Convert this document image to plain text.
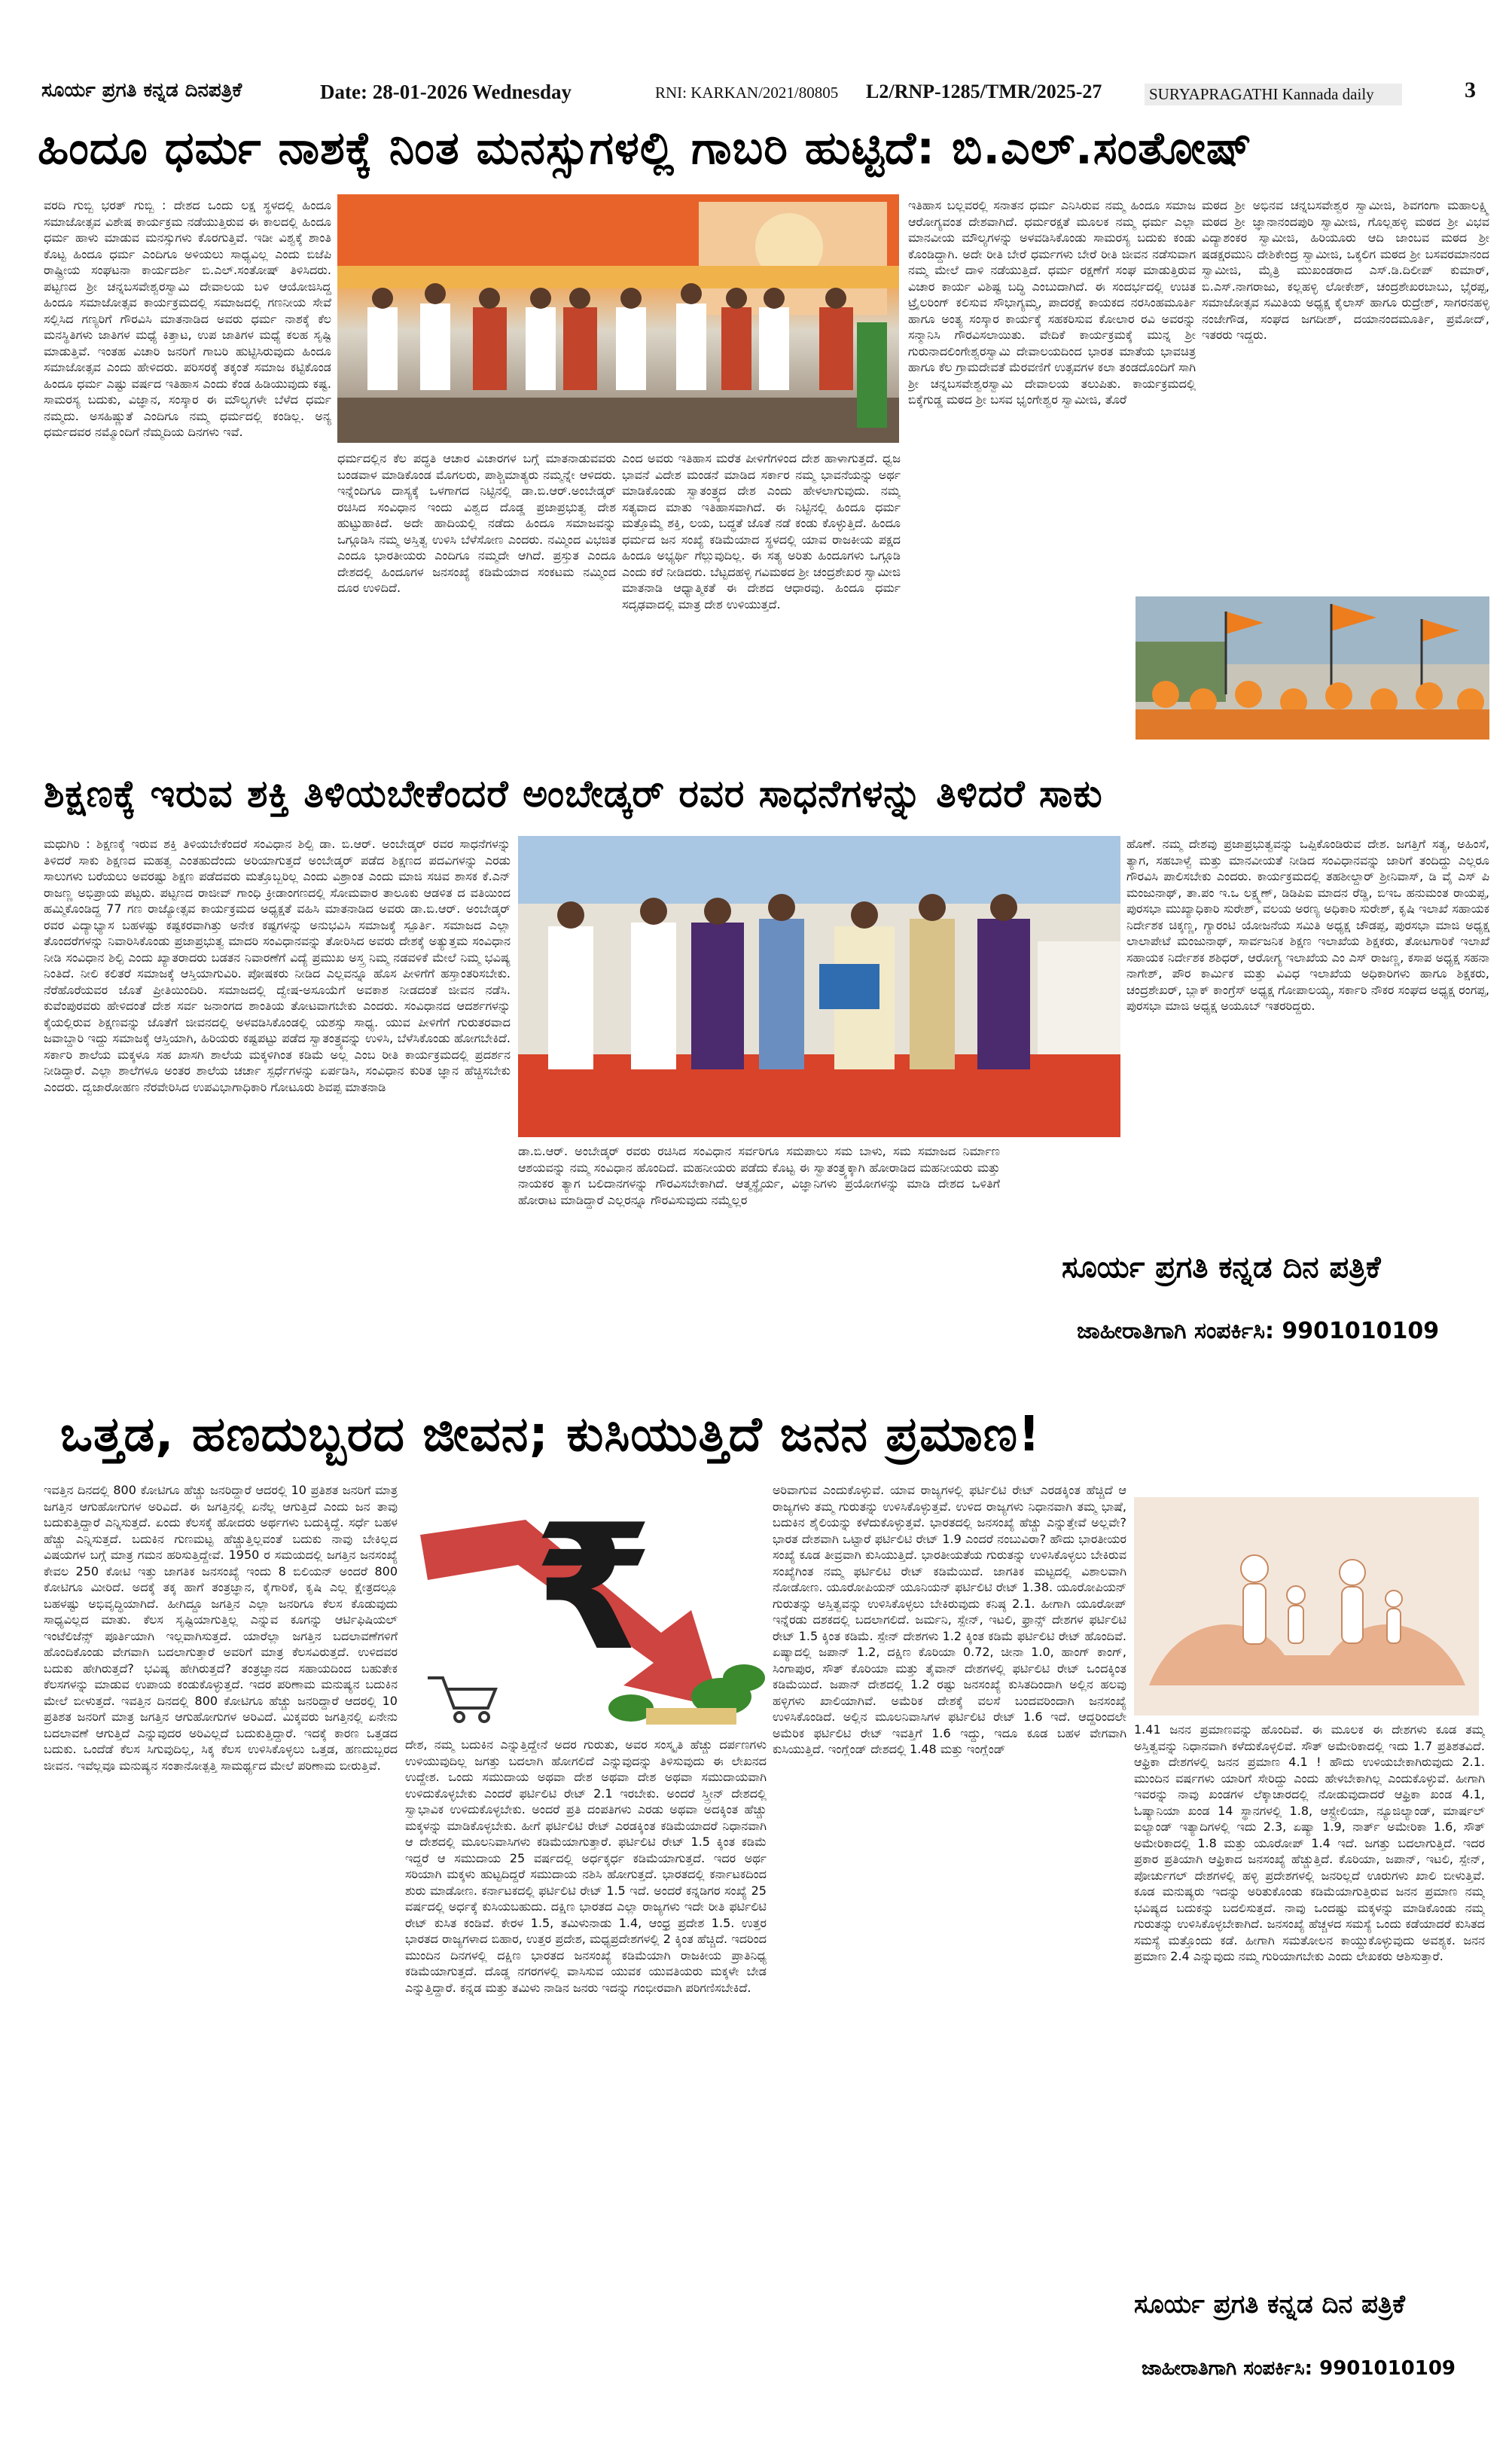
ಸೂರ್ಯ ಪ್ರಗತಿ ಕನ್ನಡ ದಿನಪತ್ರಿಕೆ	Date: 28-01-2026 Wednesday	RNI: KARKAN/2021/80805 L2/RNP-1285/TMR/2025-27	SURYAPRAGATHI Kannada daily	3
ಹಿಂದೂ ಧರ್ಮ ನಾಶಕ್ಕೆ ನಿಂತ ಮನಸ್ಸುಗಳಲ್ಲಿ ಗಾಬರಿ ಹುಟ್ಟಿದೆ: ಬಿ.ಎಲ್.ಸಂತೋಷ್
ವರದಿ ಗುಬ್ಬಿ ಭರತ್ ಗುಬ್ಬಿ : ದೇಶದ ಒಂದು ಲಕ್ಷ ಸ್ಥಳದಲ್ಲಿ ಹಿಂದೂ ಸಮಾಜೋತ್ಸವ ವಿಶೇಷ ಕಾರ್ಯಕ್ರಮ ನಡೆಯುತ್ತಿರುವ ಈ ಕಾಲದಲ್ಲಿ ಹಿಂದೂ ಧರ್ಮ ಹಾಳು ಮಾಡುವ ಮನಸ್ಸುಗಳು ಕೊರಗುತ್ತಿವೆ. ಇಡೀ ವಿಶ್ವಕ್ಕೆ ಶಾಂತಿ ಕೊಟ್ಟ ಹಿಂದೂ ಧರ್ಮ ಎಂದಿಗೂ ಅಳಿಯಲು ಸಾಧ್ಯವಿಲ್ಲ ಎಂದು ಬಿಜೆಪಿ ರಾಷ್ಟ್ರೀಯ ಸಂಘಟನಾ ಕಾರ್ಯದರ್ಶಿ ಬಿ.ಎಲ್.ಸಂತೋಷ್ ತಿಳಿಸಿದರು. ಪಟ್ಟಣದ ಶ್ರೀ ಚನ್ನಬಸವೇಶ್ವರಸ್ವಾಮಿ ದೇವಾಲಯ ಬಳಿ ಆಯೋಜಿಸಿದ್ದ ಹಿಂದೂ ಸಮಾಜೋತ್ಸವ ಕಾರ್ಯಕ್ರಮದಲ್ಲಿ ಸಮಾಜದಲ್ಲಿ ಗಣನೀಯ ಸೇವೆ ಸಲ್ಲಿಸಿದ ಗಣ್ಯರಿಗೆ ಗೌರವಿಸಿ ಮಾತನಾಡಿದ ಅವರು ಧರ್ಮ ನಾಶಕ್ಕೆ ಕೆಲ ಮನಸ್ಥಿತಿಗಳು ಜಾತಿಗಳ ಮಧ್ಯೆ ಕಿತ್ತಾಟ, ಉಪ ಜಾತಿಗಳ ಮಧ್ಯೆ ಕಲಹ ಸೃಷ್ಟಿ ಮಾಡುತ್ತಿವೆ. ಇಂತಹ ವಿಚಾರಿ ಜನರಿಗೆ ಗಾಬರಿ ಹುಟ್ಟಿಸಿರುವುದು ಹಿಂದೂ ಸಮಾಜೋತ್ಸವ ಎಂದು ಹೇಳಿದರು. ಪರಿಸರಕ್ಕೆ ತಕ್ಕಂತೆ ಸಮಾಜ ಕಟ್ಟಿಕೊಂಡ ಹಿಂದೂ ಧರ್ಮ ಎಷ್ಟು ವರ್ಷದ ಇತಿಹಾಸ ಎಂದು ಕೆಂಡ ಹಿಡಿಯುವುದು ಕಷ್ಟ. ಸಾಮರಸ್ಯ ಬದುಕು, ವಿಜ್ಞಾನ, ಸಂಸ್ಕಾರ ಈ ಮೌಲ್ಯಗಳೇ ಬೆಳೆದ ಧರ್ಮ ನಮ್ಮದು. ಅಸಹಿಷ್ಣುತೆ ಎಂದಿಗೂ ನಮ್ಮ ಧರ್ಮದಲ್ಲಿ ಕಂಡಿಲ್ಲ. ಅನ್ಯ ಧರ್ಮದವರ ನಮ್ಮೊಂದಿಗೆ ನೆಮ್ಮದಿಯ ದಿನಗಳು ಇವೆ.
ಧರ್ಮದಲ್ಲಿನ ಕೆಲ ಪದ್ಧತಿ ಆಚಾರ ವಿಚಾರಗಳ ಬಗ್ಗೆ ಮಾತನಾಡುವವರು ಬಂಡವಾಳ ಮಾಡಿಕೊಂಡ ಮೊಗಲರು, ಪಾಶ್ಚಿಮಾತ್ಯರು ನಮ್ಮನ್ನೇ ಆಳಿದರು. ಇನ್ನೆಂದಿಗೂ ದಾಸ್ಯಕ್ಕೆ ಒಳಗಾಗದ ನಿಟ್ಟಿನಲ್ಲಿ ಡಾ.ಬಿ.ಆರ್.ಅಂಬೇಡ್ಕರ್ ರಚಿಸಿದ ಸಂವಿಧಾನ ಇಂದು ವಿಶ್ವದ ದೊಡ್ಡ ಪ್ರಜಾಪ್ರಭುತ್ವ ದೇಶ ಹುಟ್ಟುಹಾಕಿದೆ. ಅದೇ ಹಾದಿಯಲ್ಲಿ ನಡೆದು ಹಿಂದೂ ಸಮಾಜವನ್ನು ಒಗ್ಗೂಡಿಸಿ ನಮ್ಮ ಅಸ್ತಿತ್ವ ಉಳಿಸಿ ಬೆಳೆಸೋಣ ಎಂದರು. ನಮ್ಮಿಂದ ವಿಭಜಿತ ಎಂದೂ ಭಾರತೀಯರು ಎಂದಿಗೂ ನಮ್ಮದೇ ಆಗಿದೆ. ಪ್ರಸ್ತುತ ಎಂದೂ ದೇಶದಲ್ಲಿ ಹಿಂದೂಗಳ ಜನಸಂಖ್ಯೆ ಕಡಿಮೆಯಾದ ಸಂಕಟಮ ನಮ್ಮಿಂದ ದೂರ ಉಳಿದಿದೆ.
ಎಂದ ಅವರು ಇತಿಹಾಸ ಮರೆತ ಪೀಳಿಗೆಗಳಿಂದ ದೇಶ ಹಾಳಾಗುತ್ತದೆ. ಧ್ವಜ ಭಾವನೆ ವಿದೇಶ ಮಂಡನೆ ಮಾಡಿದ ಸರ್ಕಾರ ನಮ್ಮ ಭಾವನೆಯನ್ನು ಅರ್ಥ ಮಾಡಿಕೊಂಡು ಸ್ವಾತಂತ್ರ್ಯದ ದೇಶ ಎಂದು ಹೇಳಲಾಗುವುದು. ನಮ್ಮ ಸತ್ಯವಾದ ಮಾತು ಇತಿಹಾಸವಾಗಿದೆ. ಈ ನಿಟ್ಟಿನಲ್ಲಿ ಹಿಂದೂ ಧರ್ಮ ಮತ್ತೊಮ್ಮೆ ಶಕ್ತಿ, ಲಯ, ಬದ್ಧತೆ ಜೊತೆ ನಡೆ ಕಂಡು ಕೊಳ್ಳುತ್ತಿದೆ. ಹಿಂದೂ ಧರ್ಮದ ಜನ ಸಂಖ್ಯೆ ಕಡಿಮೆಯಾದ ಸ್ಥಳದಲ್ಲಿ ಯಾವ ರಾಜಕೀಯ ಪಕ್ಷದ ಹಿಂದೂ ಅಭ್ಯರ್ಥಿ ಗೆಲ್ಲುವುದಿಲ್ಲ. ಈ ಸತ್ಯ ಅರಿತು ಹಿಂದೂಗಳು ಒಗ್ಗೂಡಿ ಎಂದು ಕರೆ ನೀಡಿದರು. ಬೆಟ್ಟದಹಳ್ಳಿ ಗವಿಮಠದ ಶ್ರೀ ಚಂದ್ರಶೇಖರ ಸ್ವಾಮೀಜಿ ಮಾತನಾಡಿ ಆಧ್ಯಾತ್ಮಿಕತೆ ಈ ದೇಶದ ಆಧಾರವು. ಹಿಂದೂ ಧರ್ಮ ಸದೃಢವಾದಲ್ಲಿ ಮಾತ್ರ ದೇಶ ಉಳಿಯುತ್ತದೆ.
ಇತಿಹಾಸ ಬಲ್ಲವರಲ್ಲಿ ಸನಾತನ ಧರ್ಮ ಎನಿಸಿರುವ ನಮ್ಮ ಹಿಂದೂ ಸಮಾಜ ಆರೋಗ್ಯವಂತ ದೇಶವಾಗಿದೆ. ಧರ್ಮರಕ್ಷತೆ ಮೂಲಕ ನಮ್ಮ ಧರ್ಮ ಎಲ್ಲಾ ಮಾನವೀಯ ಮೌಲ್ಯಗಳನ್ನು ಅಳವಡಿಸಿಕೊಂಡು ಸಾಮರಸ್ಯ ಬದುಕು ಕಂಡು ಕೊಂಡಿದ್ದಾಗಿ. ಅದೇ ರೀತಿ ಬೇರೆ ಧರ್ಮಗಳು ಬೇರೆ ರೀತಿ ಜೀವನ ನಡೆಸುವಾಗ ನಮ್ಮ ಮೇಲೆ ದಾಳಿ ನಡೆಯುತ್ತಿದೆ. ಧರ್ಮ ರಕ್ಷಣೆಗೆ ಸಂಘ ಮಾಡುತ್ತಿರುವ ವಿಚಾರ ಕಾರ್ಯ ವಿಶಿಷ್ಟ ಬದ್ಧಿ ಎಂಬುದಾಗಿದೆ. ಈ ಸಂದರ್ಭದಲ್ಲಿ ಉಚಿತ ಟ್ರೈಲರಿಂಗ್ ಕಲಿಸುವ ಸೌಭಾಗ್ಯಮ್ಮ, ಪಾದರಕ್ಷೆ ಕಾಯಕದ ನರಸಿಂಹಮೂರ್ತಿ ಹಾಗೂ ಅಂತ್ಯ ಸಂಸ್ಕಾರ ಕಾರ್ಯಕ್ಕೆ ಸಹಕರಿಸುವ ಕೋಲಾರ ರವಿ ಅವರನ್ನು ಸನ್ಮಾನಿಸಿ ಗೌರವಿಸಲಾಯಿತು. ವೇದಿಕೆ ಕಾರ್ಯಕ್ರಮಕ್ಕೆ ಮುನ್ನ ಶ್ರೀ ಗುರುನಾದಲಿಂಗೇಶ್ವರಸ್ವಾಮಿ ದೇವಾಲಯದಿಂದ ಭಾರತ ಮಾತೆಯ ಭಾವಚಿತ್ರ ಹಾಗೂ ಕೆಲ ಗ್ರಾಮದೇವತೆ ಮೆರವಣಿಗೆ ಉತ್ಸವಗಳ ಕಲಾ ತಂಡದೊಂದಿಗೆ ಸಾಗಿ ಶ್ರೀ ಚನ್ನಬಸವೇಶ್ವರಸ್ವಾಮಿ ದೇವಾಲಯ ತಲುಪಿತು. ಕಾರ್ಯಕ್ರಮದಲ್ಲಿ ಬಿಕ್ಕೆಗುಡ್ಡ ಮಠದ ಶ್ರೀ ಬಸವ ಭೃಂಗೇಶ್ವರ ಸ್ವಾಮೀಜಿ, ತೊರೆ
ಮಠದ ಶ್ರೀ ಅಭಿನವ ಚನ್ನಬಸವೇಶ್ವರ ಸ್ವಾಮೀಜಿ, ಶಿವಗಂಗಾ ಮಹಾಲಕ್ಷ್ಮಿ ಮಠದ ಶ್ರೀ ಜ್ಞಾನಾನಂದಪುರಿ ಸ್ವಾಮೀಜಿ, ಗೊಲ್ಲಹಳ್ಳಿ ಮಠದ ಶ್ರೀ ವಿಭವ ವಿದ್ಯಾಶಂಕರ ಸ್ವಾಮೀಜಿ, ಹಿರಿಯೂರು ಆದಿ ಜಾಂಬವ ಮಠದ ಶ್ರೀ ಷಡಕ್ಷರಮುನಿ ದೇಶಿಕೇಂದ್ರ ಸ್ವಾಮೀಜಿ, ಒಕ್ಕಲಿಗ ಮಠದ ಶ್ರೀ ಬಸವರಮಾನಂದ ಸ್ವಾಮೀಜಿ, ಮೈತ್ರಿ ಮುಖಂಡರಾದ ಎಸ್.ಡಿ.ದಿಲೀಪ್ ಕುಮಾರ್, ಬಿ.ಎಸ್.ನಾಗರಾಜು, ಕಲ್ಲಹಳ್ಳಿ ಲೋಕೇಶ್, ಚಂದ್ರಶೇಖರಬಾಬು, ಭೈರಪ್ಪ, ಸಮಾಜೋತ್ಸವ ಸಮಿತಿಯ ಅಧ್ಯಕ್ಷ ಕೈಲಾಸ್ ಹಾಗೂ ರುದ್ರೇಶ್, ಸಾಗರನಹಳ್ಳಿ ನಂಜೇಗೌಡ, ಸಂಘದ ಜಗದೀಶ್, ದಯಾನಂದಮೂರ್ತಿ, ಪ್ರಮೋದ್, ಇತರರು ಇದ್ದರು.
ಶಿಕ್ಷಣಕ್ಕೆ ಇರುವ ಶಕ್ತಿ ತಿಳಿಯಬೇಕೆಂದರೆ ಅಂಬೇಡ್ಕರ್ ರವರ ಸಾಧನೆಗಳನ್ನು ತಿಳಿದರೆ ಸಾಕು
ಮಧುಗಿರಿ : ಶಿಕ್ಷಣಕ್ಕೆ ಇರುವ ಶಕ್ತಿ ತಿಳಿಯಬೇಕೆಂದರೆ ಸಂವಿಧಾನ ಶಿಲ್ಪಿ ಡಾ. ಬಿ.ಆರ್. ಅಂಬೇಡ್ಕರ್ ರವರ ಸಾಧನೆಗಳನ್ನು ತಿಳಿದರೆ ಸಾಕು ಶಿಕ್ಷಣದ ಮಹತ್ವ ಎಂತಹುದೆಂದು ಅರಿಯಾಗುತ್ತದೆ ಅಂಬೇಡ್ಕರ್ ಪಡೆದ ಶಿಕ್ಷಣದ ಪದವಿಗಳನ್ನು ಎರಡು ಸಾಲುಗಳು ಬರೆಯಲು ಅವರಷ್ಟು ಶಿಕ್ಷಣ ಪಡೆದವರು ಮತ್ತೊಬ್ಬರಿಲ್ಲ ಎಂದು ವಿಶ್ರಾಂತ ಎಂದು ಮಾಜಿ ಸಚಿವ ಶಾಸಕ ಕೆ.ಎನ್ ರಾಜಣ್ಣ ಅಭಿಪ್ರಾಯ ಪಟ್ಟರು. ಪಟ್ಟಣದ ರಾಜೀವ್ ಗಾಂಧಿ ಕ್ರೀಡಾಂಗಣದಲ್ಲಿ ಸೋಮವಾರ ತಾಲೂಕು ಆಡಳಿತ ದ ವತಿಯಿಂದ ಹಮ್ಮಿಕೊಂಡಿದ್ದ 77 ಗಣ ರಾಜ್ಯೋತ್ಸವ ಕಾರ್ಯಕ್ರಮದ ಅಧ್ಯಕ್ಷತೆ ವಹಿಸಿ ಮಾತನಾಡಿದ ಅವರು ಡಾ.ಬಿ.ಆರ್. ಅಂಬೇಡ್ಕರ್ ರವರ ವಿದ್ಯಾಭ್ಯಾಸ ಬಹಳಷ್ಟು ಕಷ್ಟಕರವಾಗಿತ್ತು ಅನೇಕ ಕಷ್ಟಗಳನ್ನು ಅನುಭವಿಸಿ ಸಮಾಜಕ್ಕೆ ಸ್ಪೂರ್ತಿ. ಸಮಾಜದ ಎಲ್ಲಾ ತೊಂದರೆಗಳನ್ನು ನಿವಾರಿಸಿಕೊಂಡು ಪ್ರಜಾಪ್ರಭುತ್ವ ಮಾದರಿ ಸಂವಿಧಾನವನ್ನು ತೋರಿಸಿದ ಅವರು ದೇಶಕ್ಕೆ ಅತ್ಯುತ್ತಮ ಸಂವಿಧಾನ ನೀಡಿ ಸಂವಿಧಾನ ಶಿಲ್ಪಿ ಎಂದು ಖ್ಯಾತರಾದರು ಬಡತನ ನಿವಾರಣೆಗೆ ವಿದ್ಯೆ ಪ್ರಮುಖ ಅಸ್ತ್ರ ನಿಮ್ಮ ನಡವಳಿಕೆ ಮೇಲೆ ನಿಮ್ಮ ಭವಿಷ್ಯ ನಿಂತಿದೆ. ನೀಲಿ ಕಲಿತರೆ ಸಮಾಜಕ್ಕೆ ಆಸ್ತಿಯಾಗುವಿರಿ. ಪೋಷಕರು ನೀಡಿದ ಎಲ್ಲವನ್ನೂ ಹೊಸ ಪೀಳಿಗೆಗೆ ಹಸ್ತಾಂತರಿಸಬೇಕು. ನೆರೆಹೊರೆಯವರ ಜೊತೆ ಪ್ರೀತಿಯಿಂದಿರಿ. ಸಮಾಜದಲ್ಲಿ ದ್ವೇಷ-ಅಸೂಯೆಗೆ ಅವಕಾಶ ನೀಡದಂತೆ ಜೀವನ ನಡೆಸಿ. ಕುವೆಂಪುರವರು ಹೇಳಿದಂತೆ ದೇಶ ಸರ್ವ ಜನಾಂಗದ ಶಾಂತಿಯ ತೋಟವಾಗಬೇಕು ಎಂದರು. ಸಂವಿಧಾನದ ಆದರ್ಶಗಳನ್ನು ಕೈಯಲ್ಲಿರುವ ಶಿಕ್ಷಣವನ್ನು ಜೊತೆಗೆ ಜೀವನದಲ್ಲಿ ಅಳವಡಿಸಿಕೊಂಡಲ್ಲಿ ಯಶಸ್ಸು ಸಾಧ್ಯ. ಯುವ ಪೀಳಿಗೆಗೆ ಗುರುತರವಾದ ಜವಾಬ್ದಾರಿ ಇದ್ದು ಸಮಾಜಕ್ಕೆ ಆಸ್ತಿಯಾಗಿ, ಹಿರಿಯರು ಕಷ್ಟಪಟ್ಟು ಪಡೆದ ಸ್ವಾತಂತ್ರ್ಯವನ್ನು ಉಳಿಸಿ, ಬೆಳೆಸಿಕೊಂಡು ಹೋಗಬೇಕಿದೆ. ಸರ್ಕಾರಿ ಶಾಲೆಯ ಮಕ್ಕಳೂ ಸಹ ಖಾಸಗಿ ಶಾಲೆಯ ಮಕ್ಕಳಿಗಿಂತ ಕಡಿಮೆ ಅಲ್ಲ ಎಂಬ ರೀತಿ ಕಾರ್ಯಕ್ರಮದಲ್ಲಿ ಪ್ರದರ್ಶನ ನೀಡಿದ್ದಾರೆ. ಎಲ್ಲಾ ಶಾಲೆಗಳೂ ಅಂತರ ಶಾಲೆಯ ಚರ್ಚಾ ಸ್ಪರ್ಧೆಗಳನ್ನು ಏರ್ಪಡಿಸಿ, ಸಂವಿಧಾನ ಕುರಿತ ಜ್ಞಾನ ಹೆಚ್ಚಿಸಬೇಕು ಎಂದರು. ದ್ವಜಾರೋಹಣ ನೆರವೇರಿಸಿದ ಉಪವಿಭಾಗಾಧಿಕಾರಿ ಗೋಟೂರು ಶಿವಪ್ಪ ಮಾತನಾಡಿ
ಡಾ.ಬಿ.ಆರ್. ಅಂಬೇಡ್ಕರ್ ರವರು ರಚಿಸಿದ ಸಂವಿಧಾನ ಸರ್ವರಿಗೂ ಸಮಪಾಲು ಸಮ ಬಾಳು, ಸಮ ಸಮಾಜದ ನಿರ್ಮಾಣ ಆಶಯವನ್ನು ನಮ್ಮ ಸಂವಿಧಾನ ಹೊಂದಿದೆ. ಮಹನೀಯರು ಪಡೆದು ಕೊಟ್ಟ ಈ ಸ್ವಾತಂತ್ರ್ಯಕ್ಕಾಗಿ ಹೋರಾಡಿದ ಮಹನೀಯರು ಮತ್ತು ನಾಯಕರ ತ್ಯಾಗ ಬಲಿದಾನಗಳನ್ನು ಗೌರವಿಸಬೇಕಾಗಿದೆ. ಆತ್ಮಸ್ಥೈರ್ಯ, ವಿಜ್ಞಾನಿಗಳು ಪ್ರಯೋಗಳನ್ನು ಮಾಡಿ ದೇಶದ ಒಳಿತಿಗೆ ಹೋರಾಟ ಮಾಡಿದ್ದಾರೆ ಎಲ್ಲರನ್ನೂ ಗೌರವಿಸುವುದು ನಮ್ಮೆಲ್ಲರ
ಹೊಣೆ. ನಮ್ಮ ದೇಶವು ಪ್ರಜಾಪ್ರಭುತ್ವವನ್ನು ಒಪ್ಪಿಕೊಂಡಿರುವ ದೇಶ. ಜಗತ್ತಿಗೆ ಸತ್ಯ, ಅಹಿಂಸೆ, ತ್ಯಾಗ, ಸಹಬಾಳ್ವೆ ಮತ್ತು ಮಾನವೀಯತೆ ನೀಡಿದ ಸಂವಿಧಾನವನ್ನು ಜಾರಿಗೆ ತಂದಿದ್ದು ಎಲ್ಲರೂ ಗೌರವಿಸಿ ಪಾಲಿಸಬೇಕು ಎಂದರು. ಕಾರ್ಯಕ್ರಮದಲ್ಲಿ ತಹಶೀಲ್ದಾರ್ ಶ್ರೀನಿವಾಸ್, ಡಿ ವೈ ಎಸ್ ಪಿ ಮಂಜುನಾಥ್, ತಾ.ಪಂ ಇ.ಒ ಲಕ್ಷ್ಮಣ್, ಡಿಡಿಪಿಐ ಮಾದನ ರೆಡ್ಡಿ, ಬಿಇಒ ಹನುಮಂತ ರಾಯಪ್ಪ, ಪುರಸಭಾ ಮುಖ್ಯಾಧಿಕಾರಿ ಸುರೇಶ್, ವಲಯ ಅರಣ್ಯ ಅಧಿಕಾರಿ ಸುರೇಶ್, ಕೃಷಿ ಇಲಾಖೆ ಸಹಾಯಕ ನಿರ್ದೇಶಕ ಚಿಕ್ಕಣ್ಣ, ಗ್ಯಾರಂಟಿ ಯೋಜನೆಯ ಸಮಿತಿ ಅಧ್ಯಕ್ಷ ಚೌಡಪ್ಪ, ಪುರಸಭಾ ಮಾಜಿ ಅಧ್ಯಕ್ಷ ಲಾಲಾಪೇಟೆ ಮಂಜುನಾಥ್, ಸಾರ್ವಜನಿಕ ಶಿಕ್ಷಣ ಇಲಾಖೆಯ ಶಿಕ್ಷಕರು, ತೋಟಗಾರಿಕೆ ಇಲಾಖೆ ಸಹಾಯಕ ನಿರ್ದೇಶಕ ಶಶಿಧರ್, ಆರೋಗ್ಯ ಇಲಾಖೆಯ ಎಂ ಎಸ್ ರಾಜಣ್ಣ, ಕಸಾಪ ಅಧ್ಯಕ್ಷ ಸಹನಾ ನಾಗೇಶ್, ಪೌರ ಕಾರ್ಮಿಕ ಮತ್ತು ವಿವಿಧ ಇಲಾಖೆಯ ಅಧಿಕಾರಿಗಳು ಹಾಗೂ ಶಿಕ್ಷಕರು, ಚಂದ್ರಶೇಖರ್, ಬ್ಲಾಕ್ ಕಾಂಗ್ರೆಸ್ ಅಧ್ಯಕ್ಷ ಗೋಪಾಲಯ್ಯ, ಸರ್ಕಾರಿ ನೌಕರ ಸಂಘದ ಅಧ್ಯಕ್ಷ ರಂಗಪ್ಪ, ಪುರಸಭಾ ಮಾಜಿ ಅಧ್ಯಕ್ಷ ಅಯೂಬ್ ಇತರರಿದ್ದರು.
ಸೂರ್ಯ ಪ್ರಗತಿ ಕನ್ನಡ ದಿನ ಪತ್ರಿಕೆ
ಜಾಹೀರಾತಿಗಾಗಿ ಸಂಪರ್ಕಿಸಿ: 9901010109
ಒತ್ತಡ, ಹಣದುಬ್ಬರದ ಜೀವನ; ಕುಸಿಯುತ್ತಿದೆ ಜನನ ಪ್ರಮಾಣ!
ಇವತ್ತಿನ ದಿನದಲ್ಲಿ 800 ಕೋಟಿಗೂ ಹೆಚ್ಚು ಜನರಿದ್ದಾರೆ ಆದರಲ್ಲಿ 10 ಪ್ರತಿಶತ ಜನರಿಗೆ ಮಾತ್ರ ಜಗತ್ತಿನ ಆಗುಹೋಗುಗಳ ಅರಿವಿದೆ. ಈ ಜಗತ್ತಿನಲ್ಲಿ ಏನೆಲ್ಲ ಆಗುತ್ತಿದೆ ಎಂದು ಜನ ತಾವು ಬದುಕುತ್ತಿದ್ದಾರೆ ಎನ್ನಿಸುತ್ತದೆ. ಏಂದು ಕೆಲಸಕ್ಕೆ ಹೋದರು ಅರ್ಥಗಳು ಬದುಕ್ಕಿದ್ದೆ. ಸರ್ಧೆ ಬಹಳ ಹೆಚ್ಚು ಎನ್ನಿಸುತ್ತದೆ. ಬದುಕಿನ ಗುಣಮಟ್ಟ ಹೆಚ್ಚುತ್ತಿಲ್ಲವಂತೆ ಬದುಕು ನಾವು ಬೇಕಿಲ್ಲದ ವಿಷಯಗಳ ಬಗ್ಗೆ ಮಾತ್ರ ಗಮನ ಹರಿಸುತ್ತಿದ್ದೇವೆ. 1950 ರ ಸಮಯದಲ್ಲಿ ಜಗತ್ತಿನ ಜನಸಂಖ್ಯೆ ಕೇವಲ 250 ಕೋಟಿ ಇತ್ತು ಜಾಗತಿಕ ಜನಸಂಖ್ಯೆ ಇಂದು 8 ಬಿಲಿಯನ್ ಅಂದರೆ 800 ಕೋಟಿಗೂ ಮೀರಿದೆ. ಅದಕ್ಕೆ ತಕ್ಕ ಹಾಗೆ ತಂತ್ರಜ್ಞಾನ, ಕೈಗಾರಿಕೆ, ಕೃಷಿ ಎಲ್ಲ ಕ್ಷೇತ್ರದಲ್ಲೂ ಬಹಳಷ್ಟು ಅಭಿವೃದ್ಧಿಯಾಗಿದೆ. ಹೀಗಿದ್ದೂ ಜಗತ್ತಿನ ಎಲ್ಲಾ ಜನರಿಗೂ ಕೆಲಸ ಕೊಡುವುದು ಸಾಧ್ಯವಿಲ್ಲದ ಮಾತು. ಕೆಲಸ ಸೃಷ್ಟಿಯಾಗುತ್ತಿಲ್ಲ ಎನ್ನುವ ಕೂಗನ್ನು ಆರ್ಟಿಫಿಷಿಯಲ್ ಇಂಟೆಲಿಜೆನ್ಸ್ ಪೂರ್ತಿಯಾಗಿ ಇಲ್ಲವಾಗಿಸುತ್ತದೆ. ಯಾರೆಲ್ಲಾ ಜಗತ್ತಿನ ಬದಲಾವಣೆಗಳಿಗೆ ಹೊಂದಿಕೊಂಡು ವೇಗವಾಗಿ ಬದಲಾಗುತ್ತಾರೆ ಅವರಿಗೆ ಮಾತ್ರ ಕೆಲಸವಿರುತ್ತದೆ. ಉಳಿದವರ ಬದುಕು ಹೇಗಿರುತ್ತದೆ? ಭವಿಷ್ಯ ಹೇಗಿರುತ್ತದೆ? ತಂತ್ರಜ್ಞಾನದ ಸಹಾಯದಿಂದ ಬಹುತೇಕ ಕೆಲಸಗಳನ್ನು ಮಾಡುವ ಉಪಾಯ ಕಂಡುಕೊಳ್ಳುತ್ತದೆ. ಇದರ ಪರಿಣಾಮ ಮನುಷ್ಯನ ಬದುಕಿನ ಮೇಲೆ ಬೀಳುತ್ತದೆ. ಇವತ್ತಿನ ದಿನದಲ್ಲಿ 800 ಕೋಟಿಗೂ ಹೆಚ್ಚು ಜನರಿದ್ದಾರೆ ಆದರಲ್ಲಿ 10 ಪ್ರತಿಶತ ಜನರಿಗೆ ಮಾತ್ರ ಜಗತ್ತಿನ ಆಗುಹೋಗುಗಳ ಅರಿವಿದೆ. ಮಿಕ್ಕವರು ಜಗತ್ತಿನಲ್ಲಿ ಏನೇನು ಬದಲಾವಣೆ ಆಗುತ್ತಿದೆ ಎನ್ನುವುದರ ಅರಿವಿಲ್ಲದೆ ಬದುಕುತ್ತಿದ್ದಾರೆ. ಇದಕ್ಕೆ ಕಾರಣ ಒತ್ತಡದ ಬದುಕು. ಒಂದೆಡೆ ಕೆಲಸ ಸಿಗುವುದಿಲ್ಲ, ಸಿಕ್ಕ ಕೆಲಸ ಉಳಿಸಿಕೊಳ್ಳಲು ಒತ್ತಡ, ಹಣದುಬ್ಬರದ ಜೀವನ. ಇವೆಲ್ಲವೂ ಮನುಷ್ಯನ ಸಂತಾನೋತ್ಪತ್ತಿ ಸಾಮರ್ಥ್ಯದ ಮೇಲೆ ಪರಿಣಾಮ ಬೀರುತ್ತಿವೆ.
₹
ದೇಶ, ನಮ್ಮ ಬದುಕಿನ ಎನ್ನುತ್ತಿದ್ದೇನೆ ಅದರ ಗುರುತು, ಅವರ ಸಂಸ್ಕೃತಿ ಹೆಚ್ಚು ದರ್ಪಣಗಳು ಉಳಿಯುವುದಿಲ್ಲ ಜಗತ್ತು ಬದಲಾಗಿ ಹೋಗಲಿದೆ ಎನ್ನುವುದನ್ನು ತಿಳಿಸುವುದು ಈ ಲೇಖನದ ಉದ್ದೇಶ. ಒಂದು ಸಮುದಾಯ ಅಥವಾ ದೇಶ ಅಥವಾ ದೇಶ ಅಥವಾ ಸಮುದಾಯವಾಗಿ ಉಳಿದುಕೊಳ್ಳಬೇಕು ಎಂದರೆ ಫರ್ಟಿಲಿಟಿ ರೇಟ್ 2.1 ಇರಬೇಕು. ಅಂದರೆ ಸ್ತ್ರೀನ್ ದೇಶದಲ್ಲಿ ಸ್ವಾಭಾವಿಕ ಉಳಿದುಕೊಳ್ಳಬೇಕು. ಅಂದರೆ ಪ್ರತಿ ದಂಪತಿಗಳು ಎರಡು ಅಥವಾ ಅದಕ್ಕಿಂತ ಹೆಚ್ಚು ಮಕ್ಕಳನ್ನು ಮಾಡಿಕೊಳ್ಳಬೇಕು. ಹೀಗೆ ಫರ್ಟಿಲಿಟಿ ರೇಟ್ ಎರಡಕ್ಕಿಂತ ಕಡಿಮೆಯಾದರೆ ನಿಧಾನವಾಗಿ ಆ ದೇಶದಲ್ಲಿ ಮೂಲನಿವಾಸಿಗಳು ಕಡಿಮೆಯಾಗುತ್ತಾರೆ. ಫರ್ಟಿಲಿಟಿ ರೇಟ್ 1.5 ಕ್ಕಿಂತ ಕಡಿಮೆ ಇದ್ದರೆ ಆ ಸಮುದಾಯ 25 ವರ್ಷದಲ್ಲಿ ಅರ್ಧಕ್ಕರ್ಧ ಕಡಿಮೆಯಾಗುತ್ತದೆ. ಇದರ ಅರ್ಥ ಸರಿಯಾಗಿ ಮಕ್ಕಳು ಹುಟ್ಟದಿದ್ದರೆ ಸಮುದಾಯ ನಶಿಸಿ ಹೋಗುತ್ತದೆ. ಭಾರತದಲ್ಲಿ ಕರ್ನಾಟಕದಿಂದ ಶುರು ಮಾಡೋಣ. ಕರ್ನಾಟಕದಲ್ಲಿ ಫರ್ಟಿಲಿಟಿ ರೇಟ್ 1.5 ಇದೆ. ಅಂದರೆ ಕನ್ನಡಿಗರ ಸಂಖ್ಯೆ 25 ವರ್ಷದಲ್ಲಿ ಅರ್ಧಕ್ಕೆ ಕುಸಿಯಬಹುದು. ದಕ್ಷಿಣ ಭಾರತದ ಎಲ್ಲಾ ರಾಜ್ಯಗಳು ಇದೇ ರೀತಿ ಫರ್ಟಿಲಿಟಿ ರೇಟ್ ಕುಸಿತ ಕಂಡಿವೆ. ಕೇರಳ 1.5, ತಮಿಳುನಾಡು 1.4, ಆಂಧ್ರ ಪ್ರದೇಶ 1.5. ಉತ್ತರ ಭಾರತದ ರಾಜ್ಯಗಳಾದ ಬಿಹಾರ, ಉತ್ತರ ಪ್ರದೇಶ, ಮಧ್ಯಪ್ರದೇಶಗಳಲ್ಲಿ 2 ಕ್ಕಿಂತ ಹೆಚ್ಚಿದೆ. ಇದರಿಂದ ಮುಂದಿನ ದಿನಗಳಲ್ಲಿ ದಕ್ಷಿಣ ಭಾರತದ ಜನಸಂಖ್ಯೆ ಕಡಿಮೆಯಾಗಿ ರಾಜಕೀಯ ಪ್ರಾತಿನಿಧ್ಯ ಕಡಿಮೆಯಾಗುತ್ತದೆ. ದೊಡ್ಡ ನಗರಗಳಲ್ಲಿ ವಾಸಿಸುವ ಯುವಕ ಯುವತಿಯರು ಮಕ್ಕಳೇ ಬೇಡ ಎನ್ನುತ್ತಿದ್ದಾರೆ. ಕನ್ನಡ ಮತ್ತು ತಮಿಳು ನಾಡಿನ ಜನರು ಇದನ್ನು ಗಂಭೀರವಾಗಿ ಪರಿಗಣಿಸಬೇಕಿದೆ.
ಅರಿವಾಗುವ ಎಂದುಕೊಳ್ಳುವೆ. ಯಾವ ರಾಜ್ಯಗಳಲ್ಲಿ ಫರ್ಟಿಲಿಟಿ ರೇಟ್ ಎರಡಕ್ಕಿಂತ ಹೆಚ್ಚಿದೆ ಆ ರಾಜ್ಯಗಳು ತಮ್ಮ ಗುರುತನ್ನು ಉಳಿಸಿಕೊಳ್ಳುತ್ತವೆ. ಉಳಿದ ರಾಜ್ಯಗಳು ನಿಧಾನವಾಗಿ ತಮ್ಮ ಭಾಷೆ, ಬದುಕಿನ ಶೈಲಿಯನ್ನು ಕಳೆದುಕೊಳ್ಳುತ್ತವೆ. ಭಾರತದಲ್ಲಿ ಜನಸಂಖ್ಯೆ ಹೆಚ್ಚು ಎನ್ನುತ್ತೇವೆ ಅಲ್ಲವೇ? ಭಾರತ ದೇಶವಾಗಿ ಒಟ್ಟಾರೆ ಫರ್ಟಿಲಿಟಿ ರೇಟ್ 1.9 ಎಂದರೆ ನಂಬುವಿರಾ? ಹೌದು ಭಾರತೀಯರ ಸಂಖ್ಯೆ ಕೂಡ ತೀವ್ರವಾಗಿ ಕುಸಿಯುತ್ತಿದೆ. ಭಾರತೀಯತೆಯ ಗುರುತನ್ನು ಉಳಿಸಿಕೊಳ್ಳಲು ಬೇಕಿರುವ ಸಂಖ್ಯೆಗಿಂತ ನಮ್ಮ ಫರ್ಟಿಲಿಟಿ ರೇಟ್ ಕಡಿಮೆಯಿದೆ. ಜಾಗತಿಕ ಮಟ್ಟದಲ್ಲಿ ವಿಶಾಲವಾಗಿ ನೋಡೋಣ. ಯೂರೋಪಿಯನ್ ಯೂನಿಯನ್ ಫರ್ಟಿಲಿಟಿ ರೇಟ್ 1.38. ಯೂರೋಪಿಯನ್ ಗುರುತನ್ನು ಅಸ್ತಿತ್ವವನ್ನು ಉಳಿಸಿಕೊಳ್ಳಲು ಬೇಕಿರುವುದು ಕನಿಷ್ಠ 2.1. ಹೀಗಾಗಿ ಯೂರೋಪ್ ಇನ್ನೆರಡು ದಶಕದಲ್ಲಿ ಬದಲಾಗಲಿದೆ. ಜರ್ಮನಿ, ಸ್ಪೇನ್, ಇಟಲಿ, ಫ್ರಾನ್ಸ್ ದೇಶಗಳ ಫರ್ಟಿಲಿಟಿ ರೇಟ್ 1.5 ಕ್ಕಿಂತ ಕಡಿಮೆ. ಸ್ಪೇನ್ ದೇಶಗಳು 1.2 ಕ್ಕಿಂತ ಕಡಿಮೆ ಫರ್ಟಿಲಿಟಿ ರೇಟ್ ಹೊಂದಿವೆ. ಏಷ್ಯಾದಲ್ಲಿ ಜಪಾನ್ 1.2, ದಕ್ಷಿಣ ಕೊರಿಯಾ 0.72, ಚೀನಾ 1.0, ಹಾಂಗ್ ಕಾಂಗ್, ಸಿಂಗಾಪುರ, ಸೌತ್ ಕೊರಿಯಾ ಮತ್ತು ತೈವಾನ್ ದೇಶಗಳಲ್ಲಿ ಫರ್ಟಿಲಿಟಿ ರೇಟ್ ಒಂದಕ್ಕಿಂತ ಕಡಿಮೆಯಿದೆ. ಜಪಾನ್ ದೇಶದಲ್ಲಿ 1.2 ರಷ್ಟು ಜನಸಂಖ್ಯೆ ಕುಸಿತದಿಂದಾಗಿ ಅಲ್ಲಿನ ಹಲವು ಹಳ್ಳಿಗಳು ಖಾಲಿಯಾಗಿವೆ. ಅಮೆರಿಕ ದೇಶಕ್ಕೆ ವಲಸೆ ಬಂದವರಿಂದಾಗಿ ಜನಸಂಖ್ಯೆ ಉಳಿಸಿಕೊಂಡಿದೆ. ಅಲ್ಲಿನ ಮೂಲನಿವಾಸಿಗಳ ಫರ್ಟಿಲಿಟಿ ರೇಟ್ 1.6 ಇದೆ. ಆದ್ದರಿಂದಲೇ ಅಮೆರಿಕ ಫರ್ಟಿಲಿಟಿ ರೇಟ್ ಇವತ್ತಿಗೆ 1.6 ಇದ್ದು, ಇದೂ ಕೂಡ ಬಹಳ ವೇಗವಾಗಿ ಕುಸಿಯುತ್ತಿದೆ. ಇಂಗ್ಲೆಂಡ್ ದೇಶದಲ್ಲಿ 1.48 ಮತ್ತು ಇಂಗ್ಲೆಂಡ್
1.41 ಜನನ ಪ್ರಮಾಣವನ್ನು ಹೊಂದಿವೆ. ಈ ಮೂಲಕ ಈ ದೇಶಗಳು ಕೂಡ ತಮ್ಮ ಅಸ್ತಿತ್ವವನ್ನು ನಿಧಾನವಾಗಿ ಕಳೆದುಕೊಳ್ಳಲಿವೆ. ಸೌತ್ ಅಮೇರಿಕಾದಲ್ಲಿ ಇದು 1.7 ಪ್ರತಿಶತವಿದೆ. ಆಫ್ರಿಕಾ ದೇಶಗಳಲ್ಲಿ ಜನನ ಪ್ರಮಾಣ 4.1 ! ಹೌದು ಉಳಿಯಬೇಕಾಗಿರುವುದು 2.1. ಮುಂದಿನ ವರ್ಷಗಳು ಯಾರಿಗೆ ಸೇರಿದ್ದು ಎಂದು ಹೇಳಬೇಕಾಗಿಲ್ಲ ಎಂದುಕೊಳ್ಳುವೆ. ಹೀಗಾಗಿ ಇವರನ್ನು ನಾವು ಖಂಡಗಳ ಲೆಕ್ಕಾಚಾರದಲ್ಲಿ ನೋಡುವುದಾದರೆ ಆಫ್ರಿಕಾ ಖಂಡ 4.1, ಓಷ್ಯಾನಿಯಾ ಖಂಡ 14 ಸ್ಥಾನಗಳಲ್ಲಿ 1.8, ಆಸ್ಟ್ರೇಲಿಯಾ, ನ್ಯೂಜಿಲ್ಯಾಂಡ್, ಮಾರ್ಷಲ್ ಐಲ್ಯಾಂಡ್ ಇತ್ಯಾದಿಗಳಲ್ಲಿ ಇದು 2.3, ಏಷ್ಯಾ 1.9, ನಾರ್ತ್ ಅಮೇರಿಕಾ 1.6, ಸೌತ್ ಅಮೇರಿಕಾದಲ್ಲಿ 1.8 ಮತ್ತು ಯೂರೋಪ್ 1.4 ಇದೆ. ಜಗತ್ತು ಬದಲಾಗುತ್ತಿದೆ. ಇದರ ಪ್ರಕಾರ ಪ್ರತಿಯಾಗಿ ಆಫ್ರಿಕಾದ ಜನಸಂಖ್ಯೆ ಹೆಚ್ಚುತ್ತಿದೆ. ಕೊರಿಯಾ, ಜಪಾನ್, ಇಟಲಿ, ಸ್ಪೇನ್, ಪೋರ್ಚುಗಲ್ ದೇಶಗಳಲ್ಲಿ ಹಳ್ಳಿ ಪ್ರದೇಶಗಳಲ್ಲಿ ಜನರಿಲ್ಲದೆ ಊರುಗಳು ಖಾಲಿ ಬೀಳುತ್ತಿವೆ. ಕೂಡ ಮನುಷ್ಯರು ಇದನ್ನು ಅರಿತುಕೊಂಡು ಕಡಿಮೆಯಾಗುತ್ತಿರುವ ಜನನ ಪ್ರಮಾಣ ನಮ್ಮ ಭವಿಷ್ಯದ ಬದುಕನ್ನು ಬದಲಿಸುತ್ತದೆ. ನಾವು ಒಂದಷ್ಟು ಮಕ್ಕಳನ್ನು ಮಾಡಿಕೊಂಡು ನಮ್ಮ ಗುರುತನ್ನು ಉಳಿಸಿಕೊಳ್ಳಬೇಕಾಗಿದೆ. ಜನಸಂಖ್ಯೆ ಹೆಚ್ಚಳದ ಸಮಸ್ಯೆ ಒಂದು ಕಡೆಯಾದರೆ ಕುಸಿತದ ಸಮಸ್ಯೆ ಮತ್ತೊಂದು ಕಡೆ. ಹೀಗಾಗಿ ಸಮತೋಲನ ಕಾಯ್ದುಕೊಳ್ಳುವುದು ಅವಶ್ಯಕ. ಜನನ ಪ್ರಮಾಣ 2.4 ಎನ್ನುವುದು ನಮ್ಮ ಗುರಿಯಾಗಬೇಕು ಎಂದು ಲೇಖಕರು ಆಶಿಸುತ್ತಾರೆ.
ಸೂರ್ಯ ಪ್ರಗತಿ ಕನ್ನಡ ದಿನ ಪತ್ರಿಕೆ
ಜಾಹೀರಾತಿಗಾಗಿ ಸಂಪರ್ಕಿಸಿ: 9901010109
